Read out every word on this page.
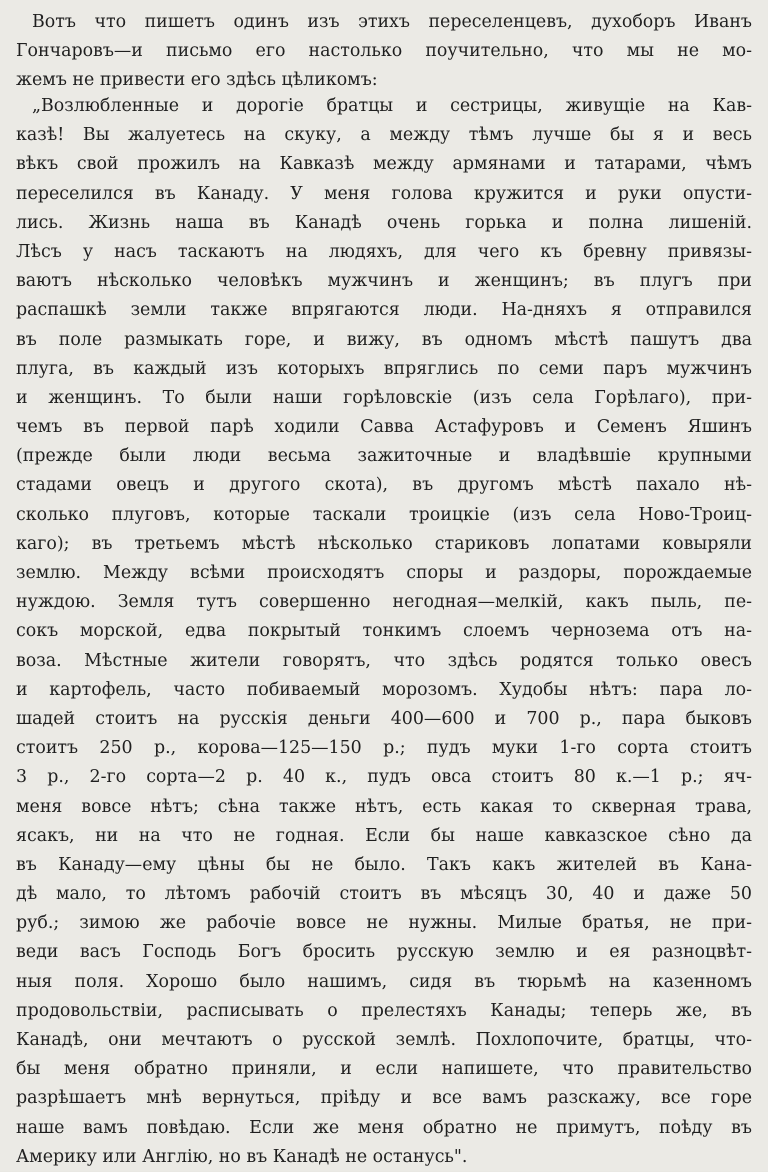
Вотъ что пишетъ одинъ изъ этихъ переселенцевъ, духоборъ Иванъ
Гончаровъ—и письмо его настолько поучительно, что мы не мо-
жемъ не привести его здѣсь цѣликомъ:
„Возлюбленные и дорогіе братцы и сестрицы, живущіе на Кав-
казѣ! Вы жалуетесь на скуку, а между тѣмъ лучше бы я и весь
вѣкъ свой прожилъ на Кавказѣ между армянами и татарами, чѣмъ
переселился въ Канаду. У меня голова кружится и руки опусти-
лись. Жизнь наша въ Канадѣ очень горька и полна лишеній.
Лѣсъ у насъ таскаютъ на людяхъ, для чего къ бревну привязы-
ваютъ нѣсколько человѣкъ мужчинъ и женщинъ; въ плугъ при
распашкѣ земли также впрягаются люди. На-дняхъ я отправился
въ поле размыкать горе, и вижу, въ одномъ мѣстѣ пашутъ два
плуга, въ каждый изъ которыхъ впряглись по семи паръ мужчинъ
и женщинъ. То были наши горѣловскіе (изъ села Горѣлаго), при-
чемъ въ первой парѣ ходили Савва Астафуровъ и Семенъ Яшинъ
(прежде были люди весьма зажиточные и владѣвшіе крупными
стадами овецъ и другого скота), въ другомъ мѣстѣ пахало нѣ-
сколько плуговъ, которые таскали троицкіе (изъ села Ново-Троиц-
каго); въ третьемъ мѣстѣ нѣсколько стариковъ лопатами ковыряли
землю. Между всѣми происходятъ споры и раздоры, порождаемые
нуждою. Земля тутъ совершенно негодная—мелкій, какъ пыль, пе-
сокъ морской, едва покрытый тонкимъ слоемъ чернозема отъ на-
воза. Мѣстные жители говорятъ, что здѣсь родятся только овесъ
и картофель, часто побиваемый морозомъ. Худобы нѣтъ: пара ло-
шадей стоитъ на русскія деньги 400—600 и 700 р., пара быковъ
стоитъ 250 р., корова—125—150 р.; пудъ муки 1-го сорта стоитъ
3 р., 2-го сорта—2 р. 40 к., пудъ овса стоитъ 80 к.—1 р.; яч-
меня вовсе нѣтъ; сѣна также нѣтъ, есть какая то скверная трава,
ясакъ, ни на что не годная. Если бы наше кавказское сѣно да
въ Канаду—ему цѣны бы не было. Такъ какъ жителей въ Кана-
дѣ мало, то лѣтомъ рабочій стоитъ въ мѣсяцъ 30, 40 и даже 50
руб.; зимою же рабочіе вовсе не нужны. Милые братья, не при-
веди васъ Господь Богъ бросить русскую землю и ея разноцвѣт-
ныя поля. Хорошо было нашимъ, сидя въ тюрьмѣ на казенномъ
продовольствіи, расписывать о прелестяхъ Канады; теперь же, въ
Канадѣ, они мечтаютъ о русской землѣ. Похлопочите, братцы, что-
бы меня обратно приняли, и если напишете, что правительство
разрѣшаетъ мнѣ вернуться, пріѣду и все вамъ разскажу, все горе
наше вамъ повѣдаю. Если же меня обратно не примутъ, поѣду въ
Америку или Англію, но въ Канадѣ не останусь".
